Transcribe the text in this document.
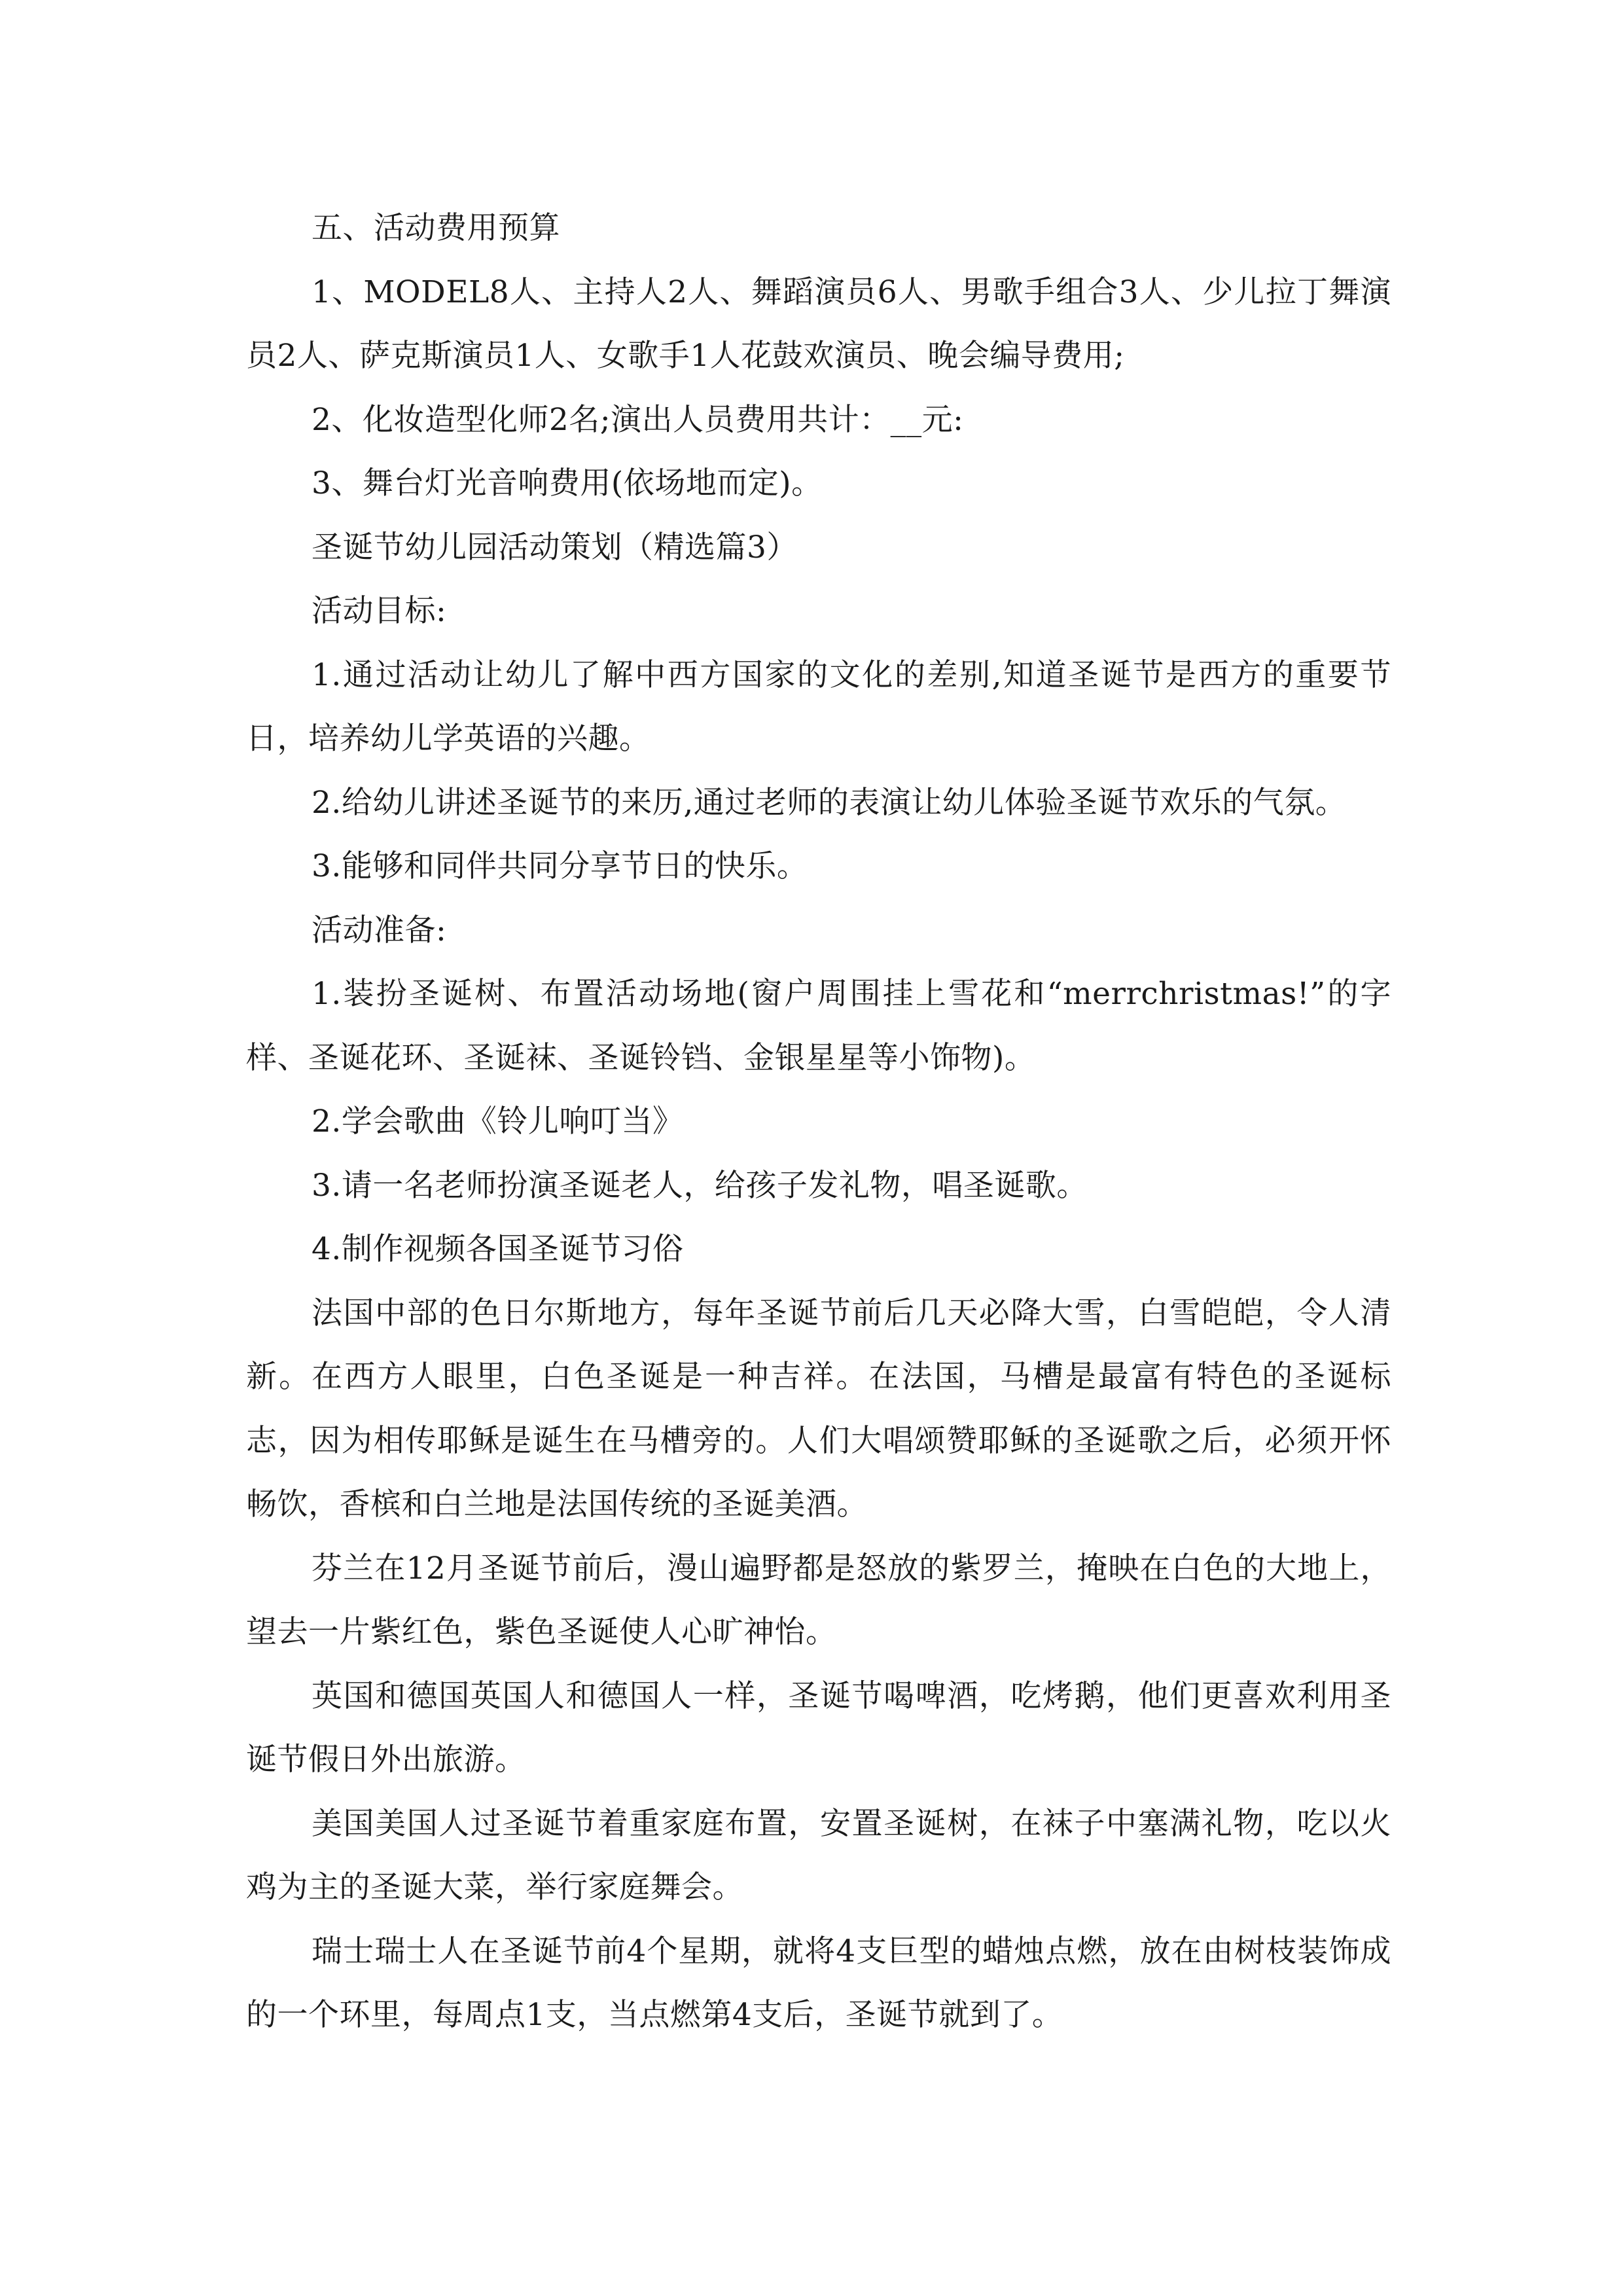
五、活动费用预算

1、MODEL8人、主持人2人、舞蹈演员6人、男歌手组合3人、少儿拉丁舞演员2人、萨克斯演员1人、女歌手1人花鼓欢演员、晚会编导费用;

2、化妆造型化师2名;演出人员费用共计：__元:

3、舞台灯光音响费用(依场地而定)。

圣诞节幼儿园活动策划（精选篇3）

活动目标:

1.通过活动让幼儿了解中西方国家的文化的差别,知道圣诞节是西方的重要节日，培养幼儿学英语的兴趣。

2.给幼儿讲述圣诞节的来历,通过老师的表演让幼儿体验圣诞节欢乐的气氛。

3.能够和同伴共同分享节日的快乐。

活动准备:

1.装扮圣诞树、布置活动场地(窗户周围挂上雪花和“merrchristmas!”的字样、圣诞花环、圣诞袜、圣诞铃铛、金银星星等小饰物)。

2.学会歌曲《铃儿响叮当》

3.请一名老师扮演圣诞老人，给孩子发礼物，唱圣诞歌。

4.制作视频各国圣诞节习俗

法国中部的色日尔斯地方，每年圣诞节前后几天必降大雪，白雪皑皑，令人清新。在西方人眼里，白色圣诞是一种吉祥。在法国，马槽是最富有特色的圣诞标志，因为相传耶稣是诞生在马槽旁的。人们大唱颂赞耶稣的圣诞歌之后，必须开怀畅饮，香槟和白兰地是法国传统的圣诞美酒。

芬兰在12月圣诞节前后，漫山遍野都是怒放的紫罗兰，掩映在白色的大地上，望去一片紫红色，紫色圣诞使人心旷神怡。

英国和德国英国人和德国人一样，圣诞节喝啤酒，吃烤鹅，他们更喜欢利用圣诞节假日外出旅游。

美国美国人过圣诞节着重家庭布置，安置圣诞树，在袜子中塞满礼物，吃以火鸡为主的圣诞大菜，举行家庭舞会。

瑞士瑞士人在圣诞节前4个星期，就将4支巨型的蜡烛点燃，放在由树枝装饰成的一个环里，每周点1支，当点燃第4支后，圣诞节就到了。
